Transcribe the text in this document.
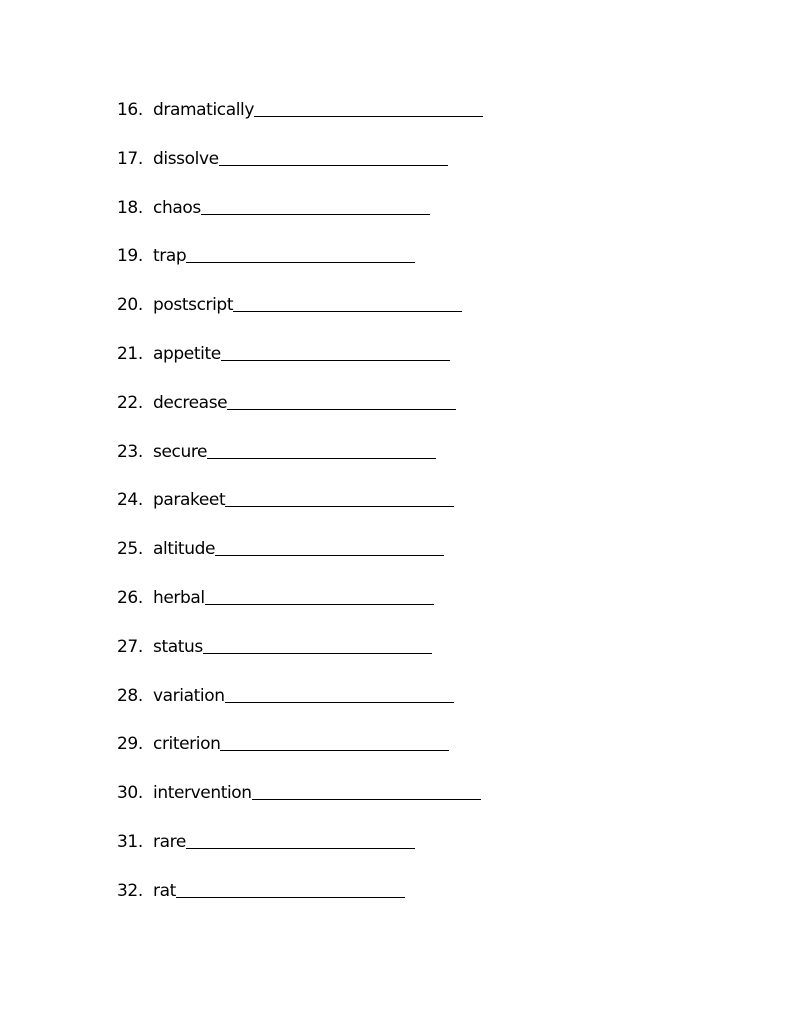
16. dramatically
17. dissolve
18. chaos
19. trap
20. postscript
21. appetite
22. decrease
23. secure
24. parakeet
25. altitude
26. herbal
27. status
28. variation
29. criterion
30. intervention
31. rare
32. rat
